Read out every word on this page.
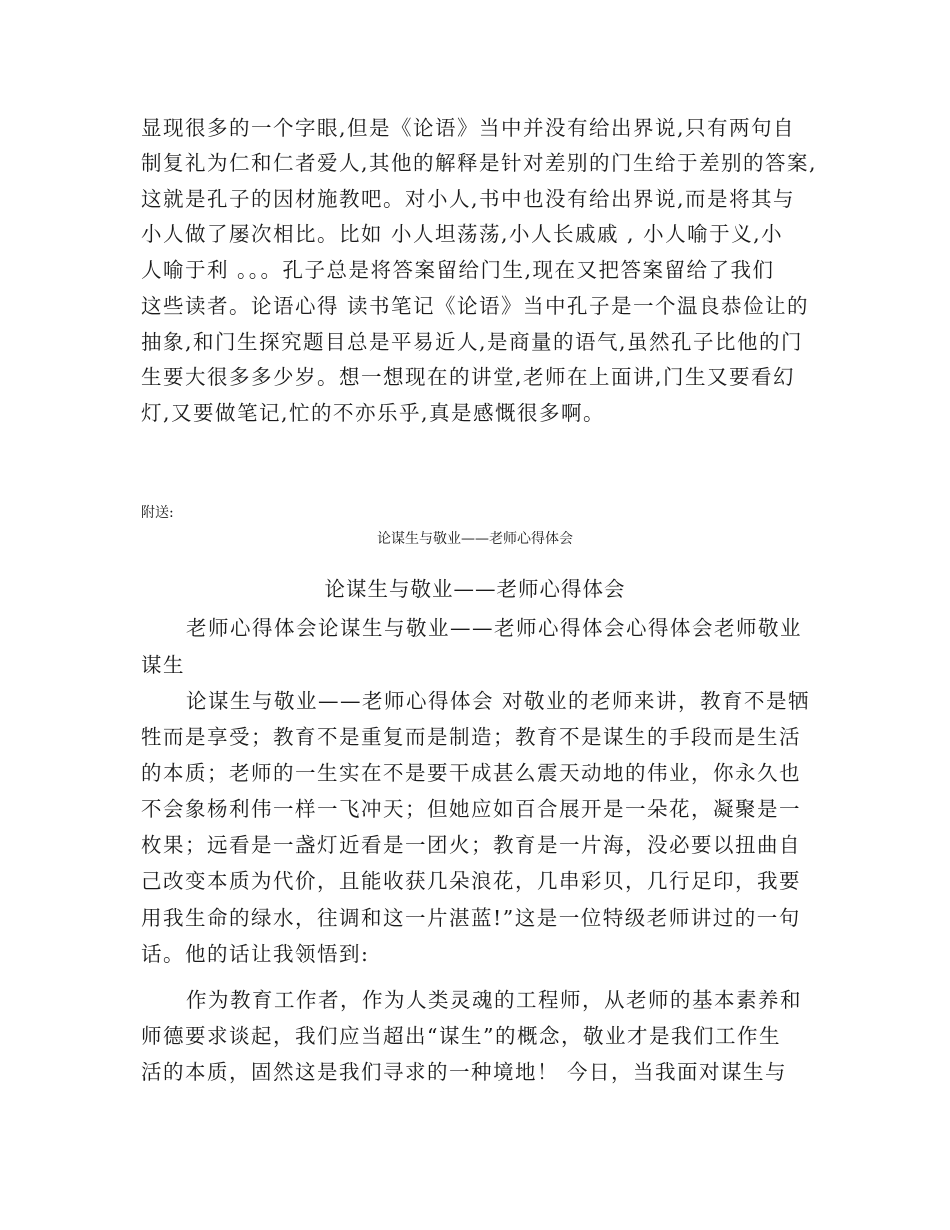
显现很多的一个字眼,但是《论语》当中并没有给出界说,只有两句自
制复礼为仁和仁者爱人,其他的解释是针对差别的门生给于差别的答案,
这就是孔子的因材施教吧。对小人,书中也没有给出界说,而是将其与
小人做了屡次相比。比如 小人坦荡荡,小人长戚戚 , 小人喻于义,小
人喻于利 。。。孔子总是将答案留给门生,现在又把答案留给了我们
这些读者。论语心得 读书笔记《论语》当中孔子是一个温良恭俭让的
抽象,和门生探究题目总是平易近人,是商量的语气,虽然孔子比他的门
生要大很多多少岁。想一想现在的讲堂,老师在上面讲,门生又要看幻
灯,又要做笔记,忙的不亦乐乎,真是感慨很多啊。
附送:
论谋生与敬业——老师心得体会
论谋生与敬业——老师心得体会
老师心得体会论谋生与敬业——老师心得体会心得体会老师敬业
谋生
论谋生与敬业——老师心得体会 对敬业的老师来讲，教育不是牺
牲而是享受；教育不是重复而是制造；教育不是谋生的手段而是生活
的本质；老师的一生实在不是要干成甚么震天动地的伟业，你永久也
不会象杨利伟一样一飞冲天；但她应如百合展开是一朵花，凝聚是一
枚果；远看是一盏灯近看是一团火；教育是一片海，没必要以扭曲自
己改变本质为代价，且能收获几朵浪花，几串彩贝，几行足印，我要
用我生命的绿水，往调和这一片湛蓝!”这是一位特级老师讲过的一句
话。他的话让我领悟到:
作为教育工作者，作为人类灵魂的工程师，从老师的基本素养和
师德要求谈起，我们应当超出“谋生”的概念，敬业才是我们工作生
活的本质，固然这是我们寻求的一种境地！ 今日，当我面对谋生与
